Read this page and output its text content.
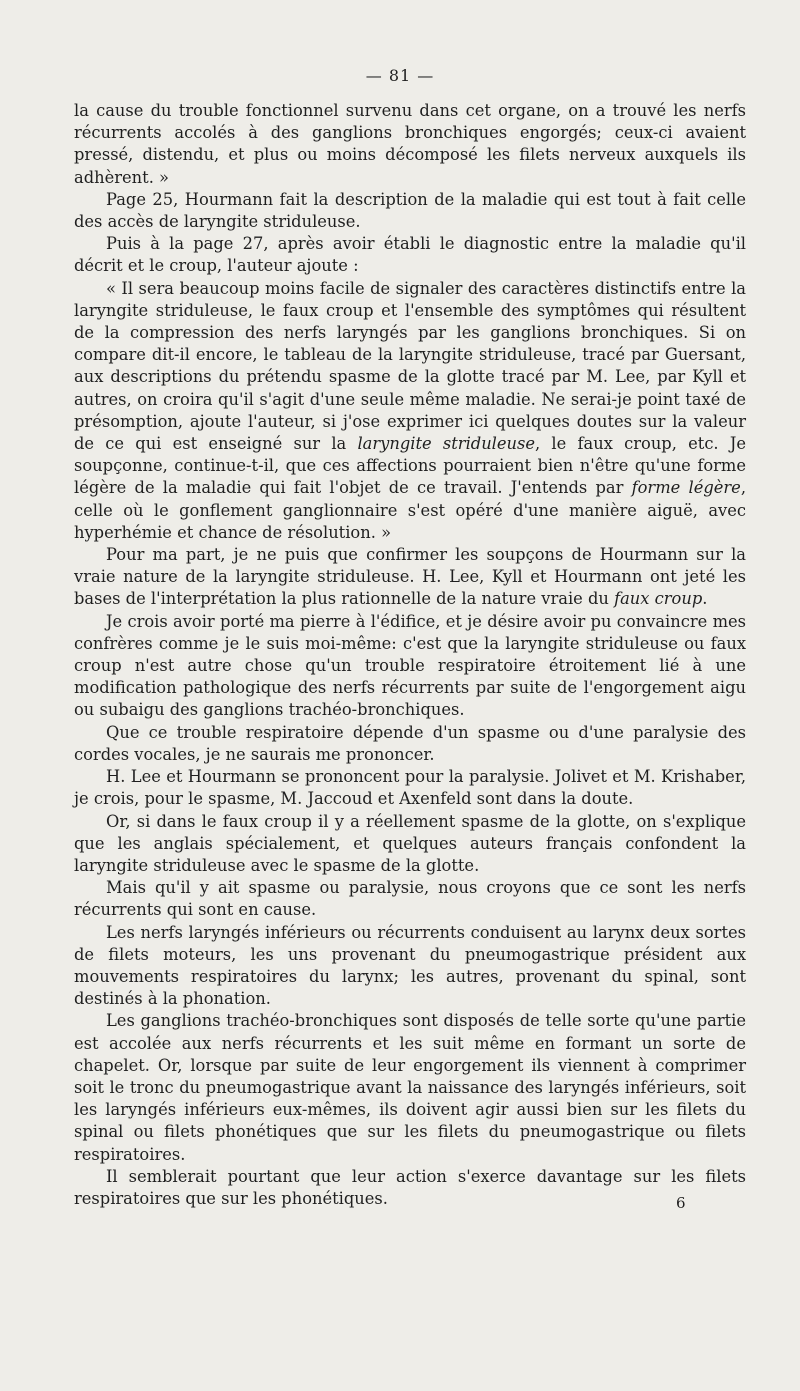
— 81 —

la cause du trouble fonctionnel survenu dans cet organe, on a trouvé les nerfs récurrents accolés à des ganglions bronchiques engorgés; ceux-ci avaient pressé, distendu, et plus ou moins décomposé les filets nerveux auxquels ils adhèrent. »

Page 25, Hourmann fait la description de la maladie qui est tout à fait celle des accès de laryngite striduleuse.

Puis à la page 27, après avoir établi le diagnostic entre la maladie qu'il décrit et le croup, l'auteur ajoute :

« Il sera beaucoup moins facile de signaler des caractères distinctifs entre la laryngite striduleuse, le faux croup et l'ensemble des symptômes qui résultent de la compression des nerfs laryngés par les ganglions bronchiques. Si on compare dit-il encore, le tableau de la laryngite striduleuse, tracé par Guersant, aux descriptions du prétendu spasme de la glotte tracé par M. Lee, par Kyll et autres, on croira qu'il s'agit d'une seule même maladie. Ne serai-je point taxé de présomption, ajoute l'auteur, si j'ose exprimer ici quelques doutes sur la valeur de ce qui est enseigné sur la laryngite striduleuse, le faux croup, etc. Je soupçonne, continue-t-il, que ces affections pourraient bien n'être qu'une forme légère de la maladie qui fait l'objet de ce travail. J'entends par forme légère, celle où le gonflement ganglionnaire s'est opéré d'une manière aiguë, avec hyperhémie et chance de résolution. »

Pour ma part, je ne puis que confirmer les soupçons de Hourmann sur la vraie nature de la laryngite striduleuse. H. Lee, Kyll et Hourmann ont jeté les bases de l'interprétation la plus rationnelle de la nature vraie du faux croup.

Je crois avoir porté ma pierre à l'édifice, et je désire avoir pu convaincre mes confrères comme je le suis moi-même: c'est que la laryngite striduleuse ou faux croup n'est autre chose qu'un trouble respiratoire étroitement lié à une modification pathologique des nerfs récurrents par suite de l'engorgement aigu ou subaigu des ganglions trachéo-bronchiques.

Que ce trouble respiratoire dépende d'un spasme ou d'une paralysie des cordes vocales, je ne saurais me prononcer.

H. Lee et Hourmann se prononcent pour la paralysie. Jolivet et M. Krishaber, je crois, pour le spasme, M. Jaccoud et Axenfeld sont dans la doute.

Or, si dans le faux croup il y a réellement spasme de la glotte, on s'explique que les anglais spécialement, et quelques auteurs français confondent la laryngite striduleuse avec le spasme de la glotte.

Mais qu'il y ait spasme ou paralysie, nous croyons que ce sont les nerfs récurrents qui sont en cause.

Les nerfs laryngés inférieurs ou récurrents conduisent au larynx deux sortes de filets moteurs, les uns provenant du pneumogastrique président aux mouvements respiratoires du larynx; les autres, provenant du spinal, sont destinés à la phonation.

Les ganglions trachéo-bronchiques sont disposés de telle sorte qu'une partie est accolée aux nerfs récurrents et les suit même en formant un sorte de chapelet. Or, lorsque par suite de leur engorgement ils viennent à comprimer soit le tronc du pneumogastrique avant la naissance des laryngés inférieurs, soit les laryngés inférieurs eux-mêmes, ils doivent agir aussi bien sur les filets du spinal ou filets phonétiques que sur les filets du pneumogastrique ou filets respiratoires.

Il semblerait pourtant que leur action s'exerce davantage sur les filets respiratoires que sur les phonétiques.	6
